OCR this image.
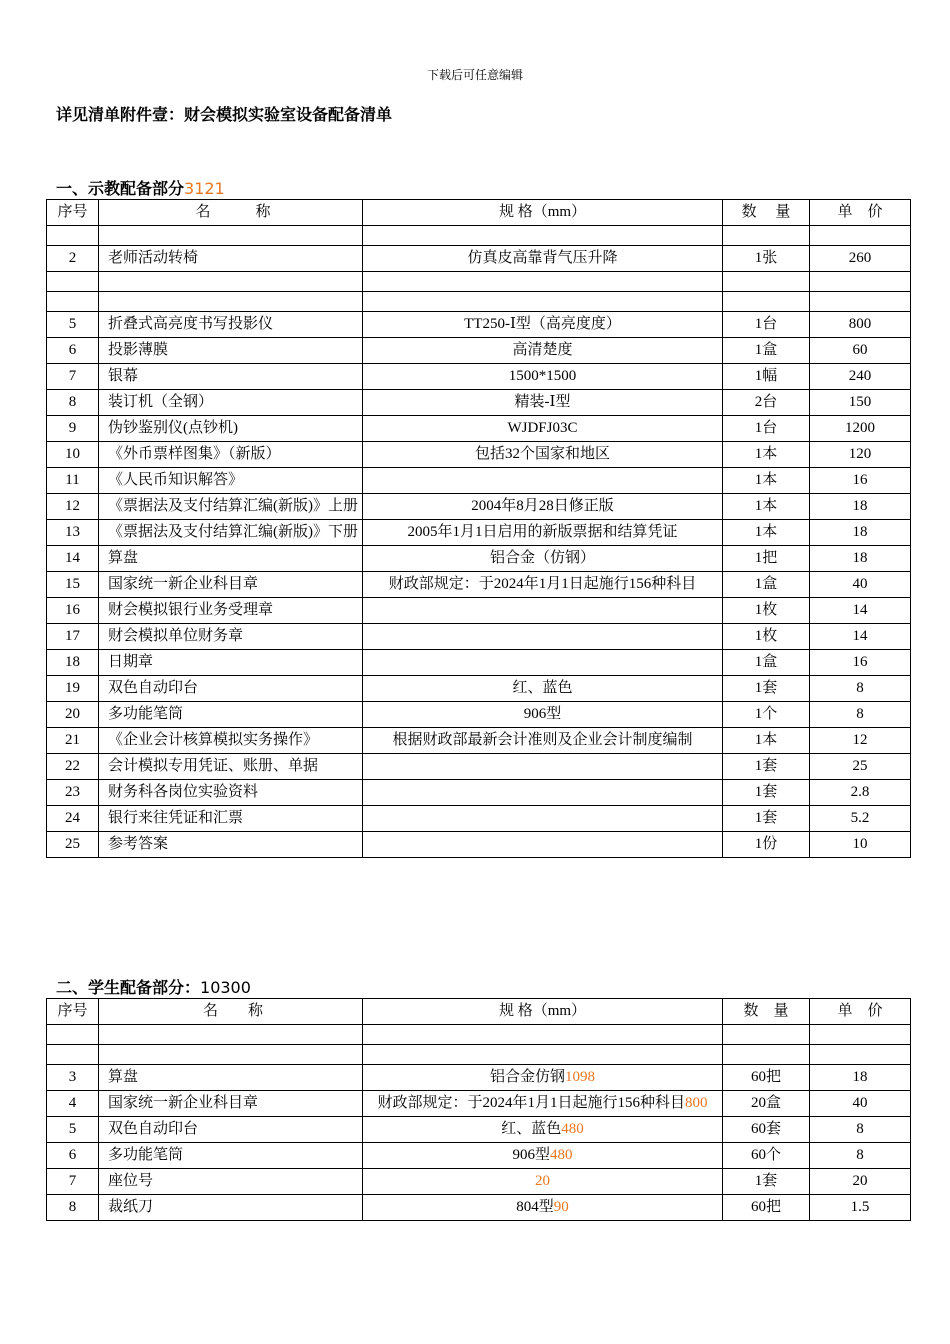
下载后可任意编辑
详见清单附件壹：财会模拟实验室设备配备清单
一、示教配备部分3121
序号	名　　　称	规 格（mm）	数　 量	单　价

2	老师活动转椅	仿真皮高靠背气压升降	1张	260

5	折叠式高亮度书写投影仪	TT250-Ⅰ型（高亮度度）	1台	800
6	投影薄膜	高清楚度	1盒	60
7	银幕	1500*1500	1幅	240
8	装订机（全钢）	精装-Ⅰ型	2台	150
9	伪钞鉴别仪(点钞机)	WJDFJ03C	1台	1200
10	《外币票样图集》（新版）	包括32个国家和地区	1本	120
11	《人民币知识解答》		1本	16
12	《票据法及支付结算汇编(新版)》上册	2004年8月28日修正版	1本	18
13	《票据法及支付结算汇编(新版)》下册	2005年1月1日启用的新版票据和结算凭证	1本	18
14	算盘	铝合金（仿钢）	1把	18
15	国家统一新企业科目章	财政部规定：于2024年1月1日起施行156种科目	1盒	40
16	财会模拟银行业务受理章		1枚	14
17	财会模拟单位财务章		1枚	14
18	日期章		1盒	16
19	双色自动印台	红、蓝色	1套	8
20	多功能笔筒	906型	1个	8
21	《企业会计核算模拟实务操作》	根据财政部最新会计准则及企业会计制度编制	1本	12
22	会计模拟专用凭证、账册、单据		1套	25
23	财务科各岗位实验资料		1套	2.8
24	银行来往凭证和汇票		1套	5.2
25	参考答案		1份	10
二、学生配备部分：10300
序号	名　　称	规 格（mm）	数　量	单　价

3	算盘	铝合金仿钢1098	60把	18
4	国家统一新企业科目章	财政部规定：于2024年1月1日起施行156种科目800	20盒	40
5	双色自动印台	红、蓝色480	60套	8
6	多功能笔筒	906型480	60个	8
7	座位号	20	1套	20
8	裁纸刀	804型90	60把	1.5
